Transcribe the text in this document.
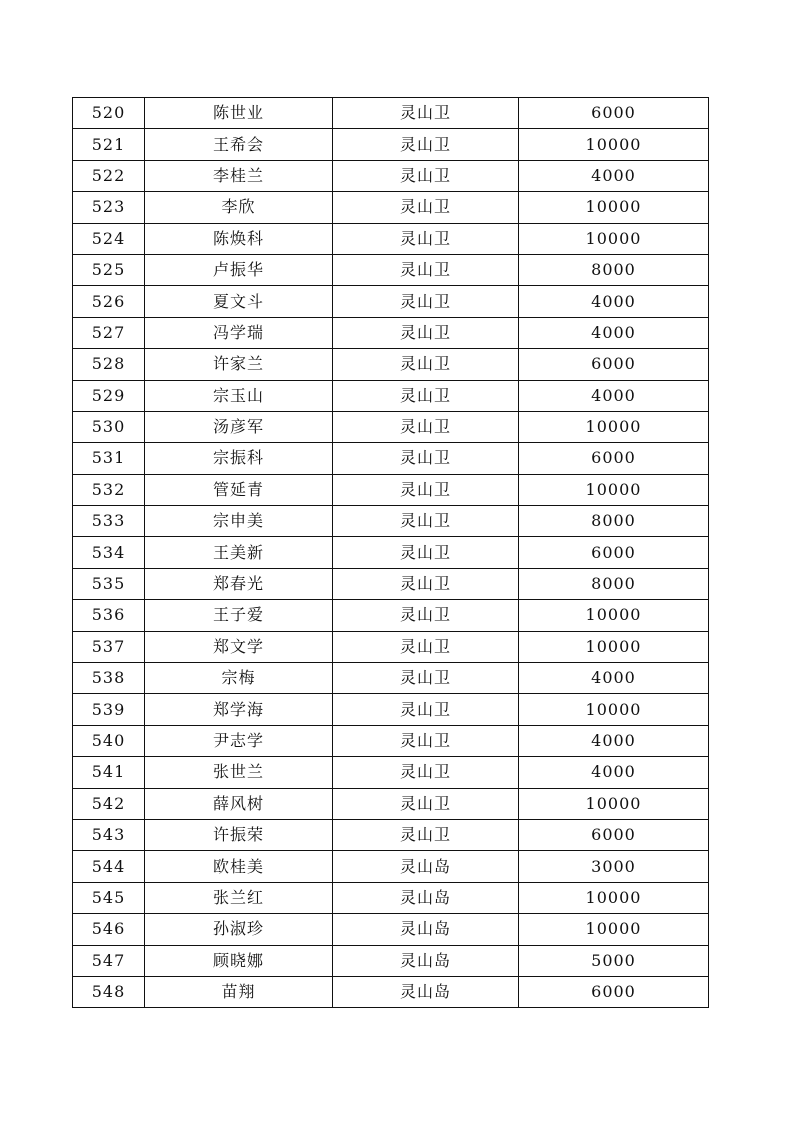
520	陈世业	灵山卫	6000
521	王希会	灵山卫	10000
522	李桂兰	灵山卫	4000
523	李欣	灵山卫	10000
524	陈焕科	灵山卫	10000
525	卢振华	灵山卫	8000
526	夏文斗	灵山卫	4000
527	冯学瑞	灵山卫	4000
528	许家兰	灵山卫	6000
529	宗玉山	灵山卫	4000
530	汤彦军	灵山卫	10000
531	宗振科	灵山卫	6000
532	管延青	灵山卫	10000
533	宗申美	灵山卫	8000
534	王美新	灵山卫	6000
535	郑春光	灵山卫	8000
536	王子爱	灵山卫	10000
537	郑文学	灵山卫	10000
538	宗梅	灵山卫	4000
539	郑学海	灵山卫	10000
540	尹志学	灵山卫	4000
541	张世兰	灵山卫	4000
542	薛风树	灵山卫	10000
543	许振荣	灵山卫	6000
544	欧桂美	灵山岛	3000
545	张兰红	灵山岛	10000
546	孙淑珍	灵山岛	10000
547	顾晓娜	灵山岛	5000
548	苗翔	灵山岛	6000
